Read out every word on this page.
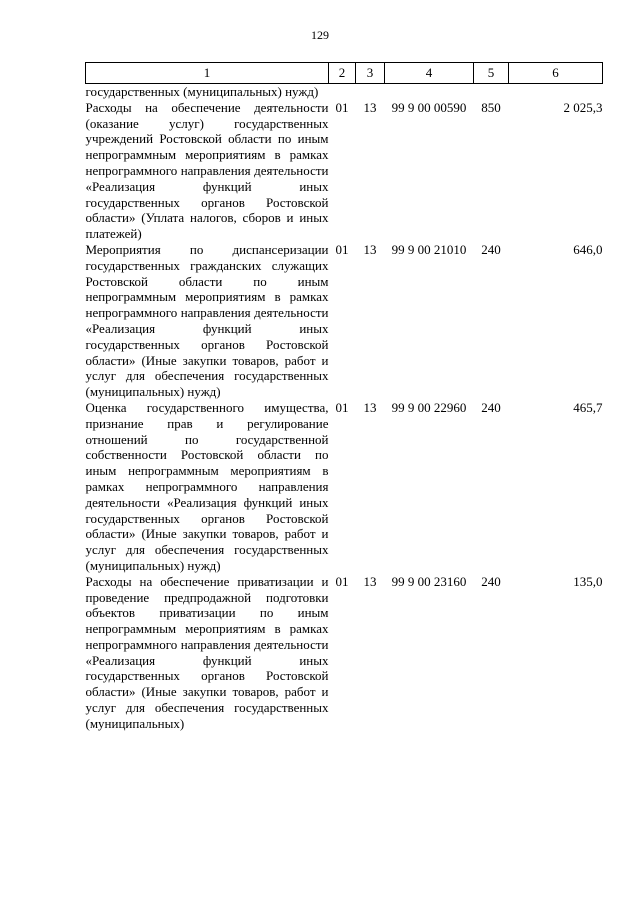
129
1	2	3	4	5	6
государственных (муниципальных) нужд)					
Расходы на обеспечение деятельности (оказание услуг) государственных учреждений Ростовской области по иным непрограммным мероприятиям в рамках непрограммного направления деятельности «Реализация функций иных государственных органов Ростовской области» (Уплата налогов, сборов и иных платежей)	01	13	99 9 00 00590	850	2 025,3
Мероприятия по диспансеризации государственных гражданских служащих Ростовской области по иным непрограммным мероприятиям в рамках непрограммного направления деятельности «Реализация функций иных государственных органов Ростовской области» (Иные закупки товаров, работ и услуг для обеспечения государственных (муниципальных) нужд)	01	13	99 9 00 21010	240	646,0
Оценка государственного имущества, признание прав и регулирование отношений по государственной собственности Ростовской области по иным непрограммным мероприятиям в рамках непрограммного направления деятельности «Реализация функций иных государственных органов Ростовской области» (Иные закупки товаров, работ и услуг для обеспечения государственных (муниципальных) нужд)	01	13	99 9 00 22960	240	465,7
Расходы на обеспечение приватизации и проведение предпродажной подготовки объектов приватизации по иным непрограммным мероприятиям в рамках непрограммного направления деятельности «Реализация функций иных государственных органов Ростовской области» (Иные закупки товаров, работ и услуг для обеспечения государственных (муниципальных)	01	13	99 9 00 23160	240	135,0
